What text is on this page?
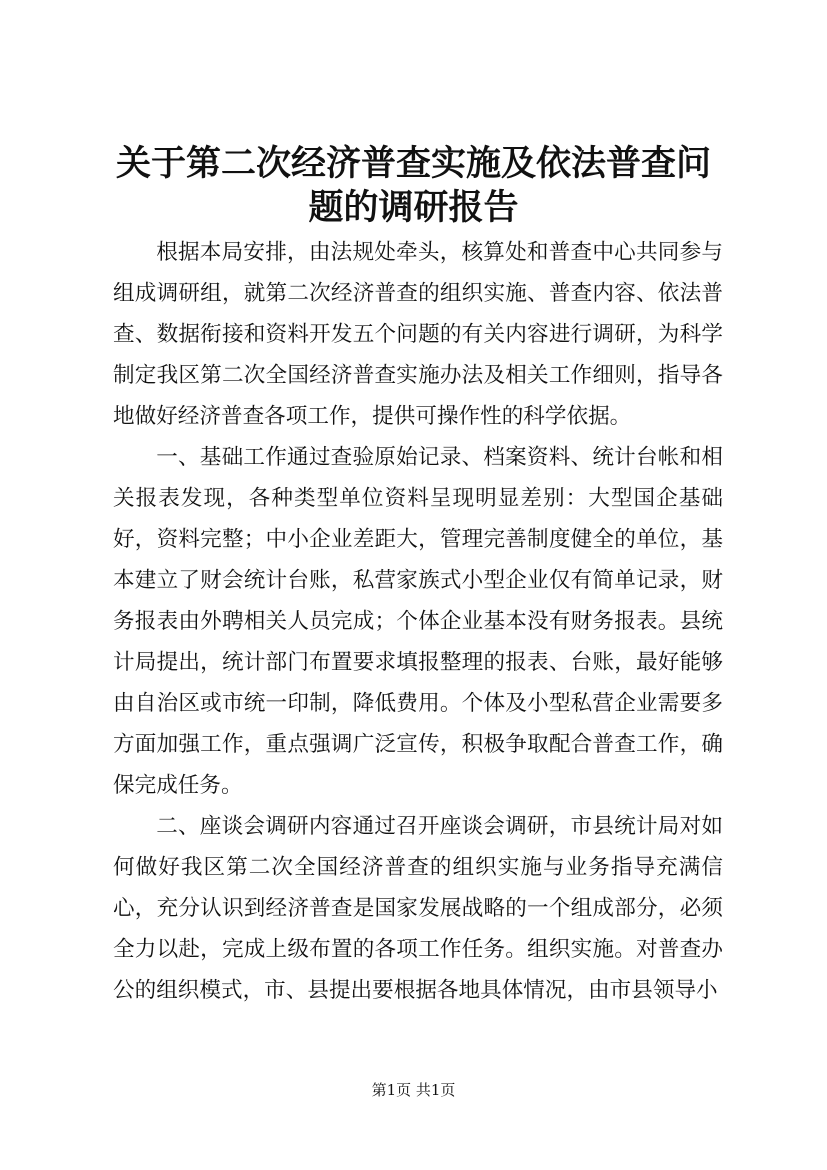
关于第二次经济普查实施及依法普查问题的调研报告

根据本局安排，由法规处牵头，核算处和普查中心共同参与组成调研组，就第二次经济普查的组织实施、普查内容、依法普查、数据衔接和资料开发五个问题的有关内容进行调研，为科学制定我区第二次全国经济普查实施办法及相关工作细则，指导各地做好经济普查各项工作，提供可操作性的科学依据。

一、基础工作通过查验原始记录、档案资料、统计台帐和相关报表发现，各种类型单位资料呈现明显差别：大型国企基础好，资料完整；中小企业差距大，管理完善制度健全的单位，基本建立了财会统计台账，私营家族式小型企业仅有简单记录，财务报表由外聘相关人员完成；个体企业基本没有财务报表。县统计局提出，统计部门布置要求填报整理的报表、台账，最好能够由自治区或市统一印制，降低费用。个体及小型私营企业需要多方面加强工作，重点强调广泛宣传，积极争取配合普查工作，确保完成任务。

二、座谈会调研内容通过召开座谈会调研，市县统计局对如何做好我区第二次全国经济普查的组织实施与业务指导充满信心，充分认识到经济普查是国家发展战略的一个组成部分，必须全力以赴，完成上级布置的各项工作任务。组织实施。对普查办公的组织模式，市、县提出要根据各地具体情况，由市县领导小

第1页 共1页
